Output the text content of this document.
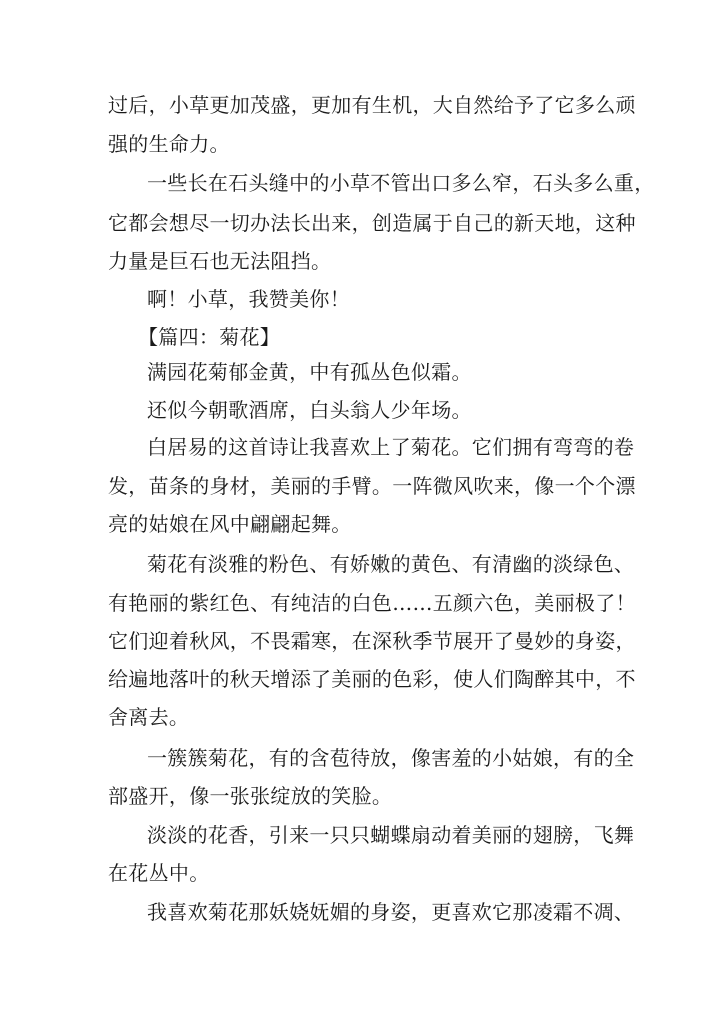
过后，小草更加茂盛，更加有生机，大自然给予了它多么顽
强的生命力。
一些长在石头缝中的小草不管出口多么窄，石头多么重，
它都会想尽一切办法长出来，创造属于自己的新天地，这种
力量是巨石也无法阻挡。
啊！小草，我赞美你！
【篇四：菊花】
满园花菊郁金黄，中有孤丛色似霜。
还似今朝歌酒席，白头翁人少年场。
白居易的这首诗让我喜欢上了菊花。它们拥有弯弯的卷
发，苗条的身材，美丽的手臂。一阵微风吹来，像一个个漂
亮的姑娘在风中翩翩起舞。
菊花有淡雅的粉色、有娇嫩的黄色、有清幽的淡绿色、
有艳丽的紫红色、有纯洁的白色……五颜六色，美丽极了！
它们迎着秋风，不畏霜寒，在深秋季节展开了曼妙的身姿，
给遍地落叶的秋天增添了美丽的色彩，使人们陶醉其中，不
舍离去。
一簇簇菊花，有的含苞待放，像害羞的小姑娘，有的全
部盛开，像一张张绽放的笑脸。
淡淡的花香，引来一只只蝴蝶扇动着美丽的翅膀，飞舞
在花丛中。
我喜欢菊花那妖娆妩媚的身姿，更喜欢它那凌霜不凋、
